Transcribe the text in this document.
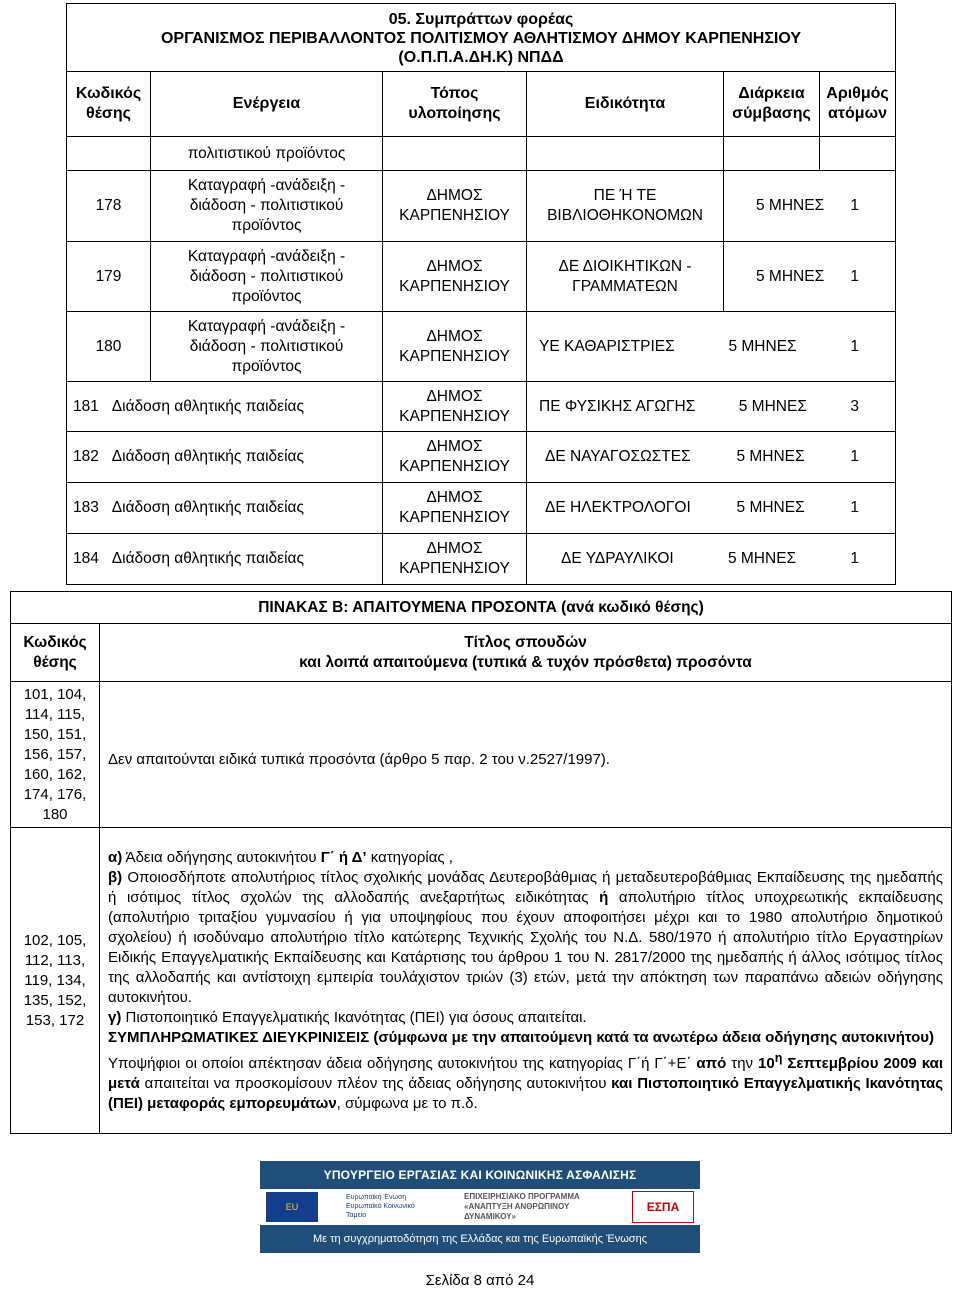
05. Συμπράττων φορέας
ΟΡΓΑΝΙΣΜΟΣ ΠΕΡΙΒΑΛΛΟΝΤΟΣ ΠΟΛΙΤΙΣΜΟΥ ΑΘΛΗΤΙΣΜΟΥ ΔΗΜΟΥ ΚΑΡΠΕΝΗΣΙΟΥ
(Ο.Π.Π.Α.ΔΗ.Κ) ΝΠΔΔ					

Κωδικός θέσης	Ενέργεια	Τόπος υλοποίησης	Ειδικότητα	Διάρκεια σύμβασης	Αριθμός ατόμων
	πολιτιστικού προϊόντος				
178	Καταγραφή -ανάδειξη - διάδοση - πολιτιστικού προϊόντος	ΔΗΜΟΣ ΚΑΡΠΕΝΗΣΙΟΥ	ΠΕ Ή ΤΕ ΒΙΒΛΙΟΘΗΚΟΝΟΜΩΝ	5 ΜΗΝΕΣ 1	

179	Καταγραφή -ανάδειξη - διάδοση - πολιτιστικού προϊόντος	ΔΗΜΟΣ ΚΑΡΠΕΝΗΣΙΟΥ	ΔΕ ΔΙΟΙΚΗΤΙΚΩΝ - ΓΡΑΜΜΑΤΕΩΝ	5 ΜΗΝΕΣ 1	

180	Καταγραφή -ανάδειξη - διάδοση - πολιτιστικού προϊόντος	ΔΗΜΟΣ ΚΑΡΠΕΝΗΣΙΟΥ	ΥΕ ΚΑΘΑΡΙΣΤΡΙΕΣ 5 ΜΗΝΕΣ 1		

181 Διάδοση αθλητικής παιδείας		ΔΗΜΟΣ ΚΑΡΠΕΝΗΣΙΟΥ	ΠΕ ΦΥΣΙΚΗΣ ΑΓΩΓΗΣ 5 ΜΗΝΕΣ 3		

182 Διάδοση αθλητικής παιδείας		ΔΗΜΟΣ ΚΑΡΠΕΝΗΣΙΟΥ	ΔΕ ΝΑΥΑΓΟΣΩΣΤΕΣ 5 ΜΗΝΕΣ 1		

183 Διάδοση αθλητικής παιδείας		ΔΗΜΟΣ ΚΑΡΠΕΝΗΣΙΟΥ	ΔΕ ΗΛΕΚΤΡΟΛΟΓΟΙ 5 ΜΗΝΕΣ 1		

184 Διάδοση αθλητικής παιδείας		ΔΗΜΟΣ ΚΑΡΠΕΝΗΣΙΟΥ	ΔΕ ΥΔΡΑΥΛΙΚΟΙ 5 ΜΗΝΕΣ 1		
ΠΙΝΑΚΑΣ Β: ΑΠΑΙΤΟΥΜΕΝΑ ΠΡΟΣΟΝΤΑ (ανά κωδικό θέσης)	
Κωδικός θέσης	Τίτλος σπουδών
και λοιπά απαιτούμενα (τυπικά & τυχόν πρόσθετα) προσόντα

101, 104, 114, 115, 150, 151, 156, 157, 160, 162, 174, 176, 180	Δεν απαιτούνται ειδικά τυπικά προσόντα (άρθρο 5 παρ. 2 του ν.2527/1997).
102, 105, 112, 113, 119, 134, 135, 152, 153, 172	α) Άδεια οδήγησης αυτοκινήτου Γ΄ ή Δ’ κατηγορίας ,

β) Οποιοσδήποτε απολυτήριος τίτλος σχολικής μονάδας Δευτεροβάθμιας ή μεταδευτεροβάθμιας Εκπαίδευσης της ημεδαπής ή ισότιμος τίτλος σχολών της αλλοδαπής ανεξαρτήτως ειδικότητας ή απολυτήριο τίτλος υποχρεωτικής εκπαίδευσης (απολυτήριο τριταξίου γυμνασίου ή για υποψηφίους που έχουν αποφοιτήσει μέχρι και το 1980 απολυτήριο δημοτικού σχολείου) ή ισοδύναμο απολυτήριο τίτλο κατώτερης Τεχνικής Σχολής του Ν.Δ. 580/1970 ή απολυτήριο τίτλο Εργαστηρίων Ειδικής Επαγγελματικής Εκπαίδευσης και Κατάρτισης του άρθρου 1 του Ν. 2817/2000 της ημεδαπής ή άλλος ισότιμος τίτλος της αλλοδαπής και αντίστοιχη εμπειρία τουλάχιστον τριών (3) ετών, μετά την απόκτηση των παραπάνω αδειών οδήγησης αυτοκινήτου.

γ) Πιστοποιητικό Επαγγελματικής Ικανότητας (ΠΕΙ) για όσους απαιτείται.

ΣΥΜΠΛΗΡΩΜΑΤΙΚΕΣ ΔΙΕΥΚΡΙΝΙΣΕΙΣ (σύμφωνα με την απαιτούμενη κατά τα ανωτέρω άδεια οδήγησης αυτοκινήτου)

Υποψήφιοι οι οποίοι απέκτησαν άδεια οδήγησης αυτοκινήτου της κατηγορίας Γ΄ή Γ΄+Ε΄ από την $10^\eta$ Σεπτεμβρίου 2009 και μετά απαιτείται να προσκομίσουν πλέον της άδειας οδήγησης αυτοκινήτου και Πιστοποιητικό Επαγγελματικής Ικανότητας (ΠΕΙ) μεταφοράς εμπορευμάτων, σύμφωνα με το π.δ.

ΥΠΟΥΡΓΕΙΟ ΕΡΓΑΣΙΑΣ ΚΑΙ ΚΟΙΝΩΝΙΚΗΣ ΑΣΦΑΛΙΣΗΣ
EU
Ευρωπαϊκή Ένωση Ευρωπαϊκό Κοινωνικό Ταμείο
ΕΠΙΧΕΙΡΗΣΙΑΚΟ ΠΡΟΓΡΑΜΜΑ «ΑΝΑΠΤΥΞΗ ΑΝΘΡΩΠΙΝΟΥ ΔΥΝΑΜΙΚΟΥ»
ΕΣΠΑ
Με τη συγχρηματοδότηση της Ελλάδας και της Ευρωπαϊκής Ένωσης
Σελίδα 8 από 24
